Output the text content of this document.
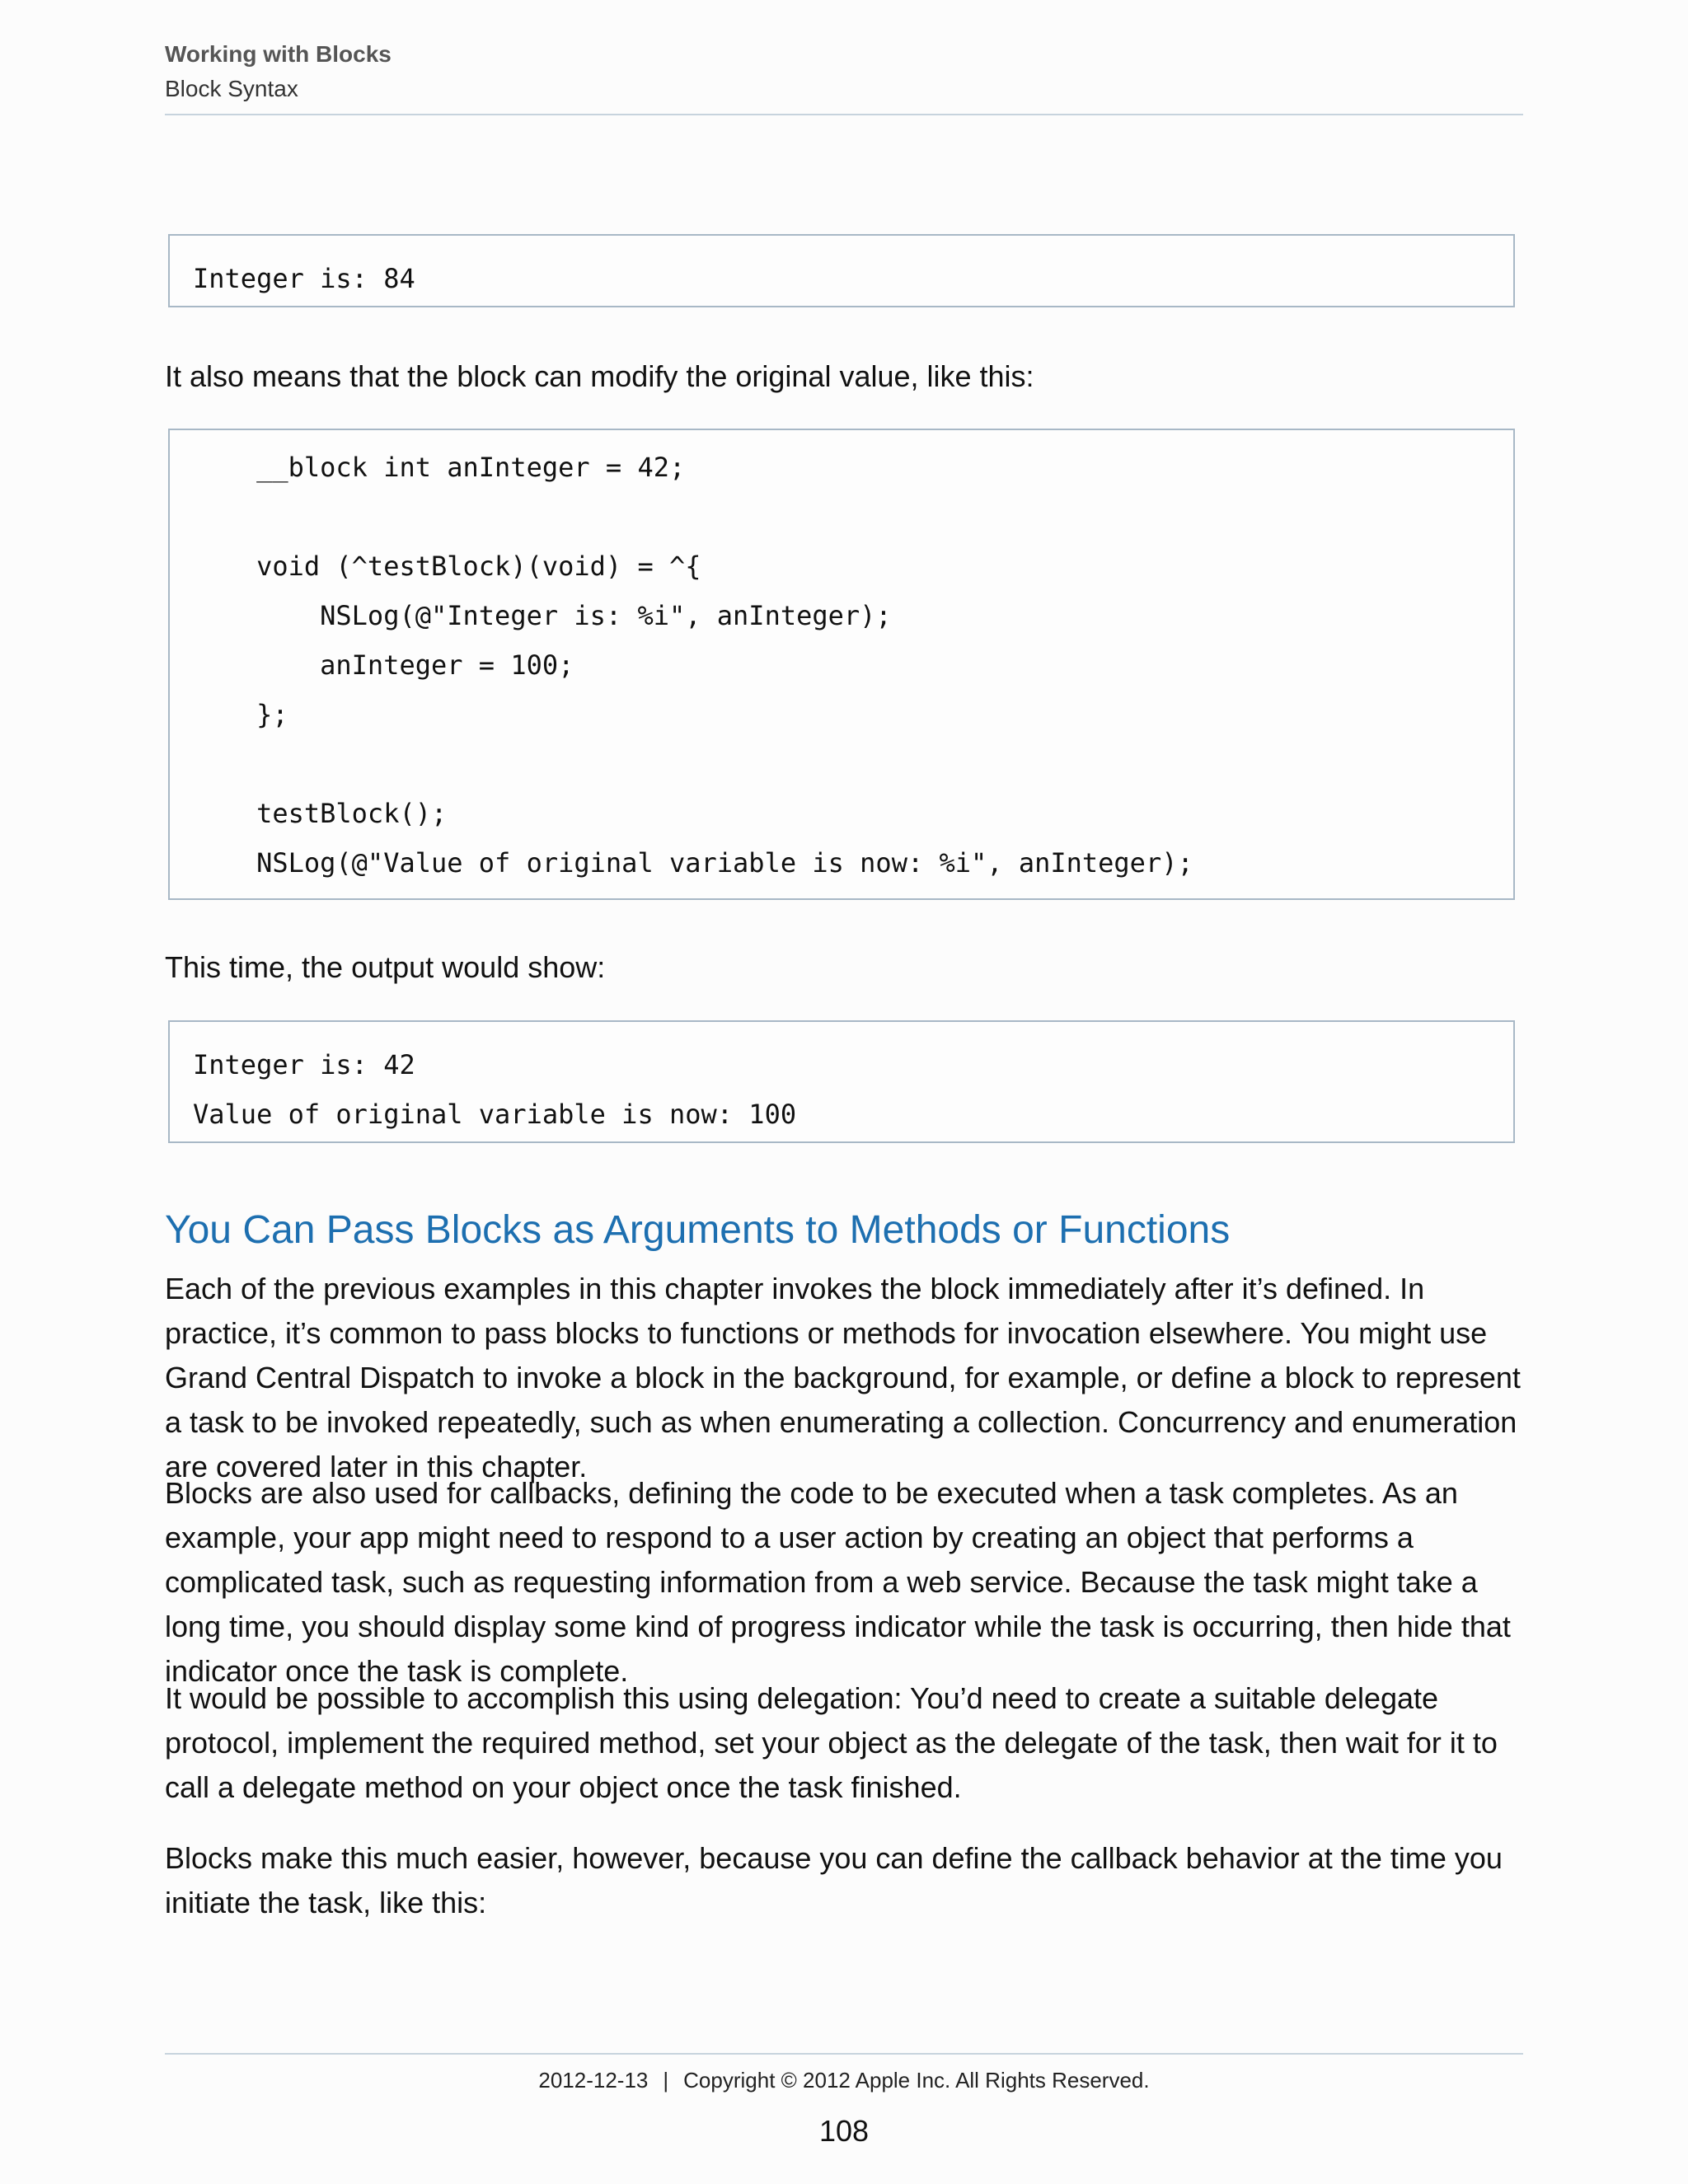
Working with Blocks
Block Syntax
Integer is: 84
It also means that the block can modify the original value, like this:
__block int anInteger = 42;
void (^testBlock)(void) = ^{
NSLog(@"Integer is: %i", anInteger);
anInteger = 100;
};
testBlock();
NSLog(@"Value of original variable is now: %i", anInteger);
This time, the output would show:
Integer is: 42
Value of original variable is now: 100
You Can Pass Blocks as Arguments to Methods or Functions
Each of the previous examples in this chapter invokes the block immediately after it’s defined. In practice, it’s common to pass blocks to functions or methods for invocation elsewhere. You might use Grand Central Dispatch to invoke a block in the background, for example, or define a block to represent a task to be invoked repeatedly, such as when enumerating a collection. Concurrency and enumeration are covered later in this chapter.
Blocks are also used for callbacks, defining the code to be executed when a task completes. As an example, your app might need to respond to a user action by creating an object that performs a complicated task, such as requesting information from a web service. Because the task might take a long time, you should display some kind of progress indicator while the task is occurring, then hide that indicator once the task is complete.
It would be possible to accomplish this using delegation: You’d need to create a suitable delegate protocol, implement the required method, set your object as the delegate of the task, then wait for it to call a delegate method on your object once the task finished.
Blocks make this much easier, however, because you can define the callback behavior at the time you initiate the task, like this:
2012-12-13 | Copyright © 2012 Apple Inc. All Rights Reserved.
108
